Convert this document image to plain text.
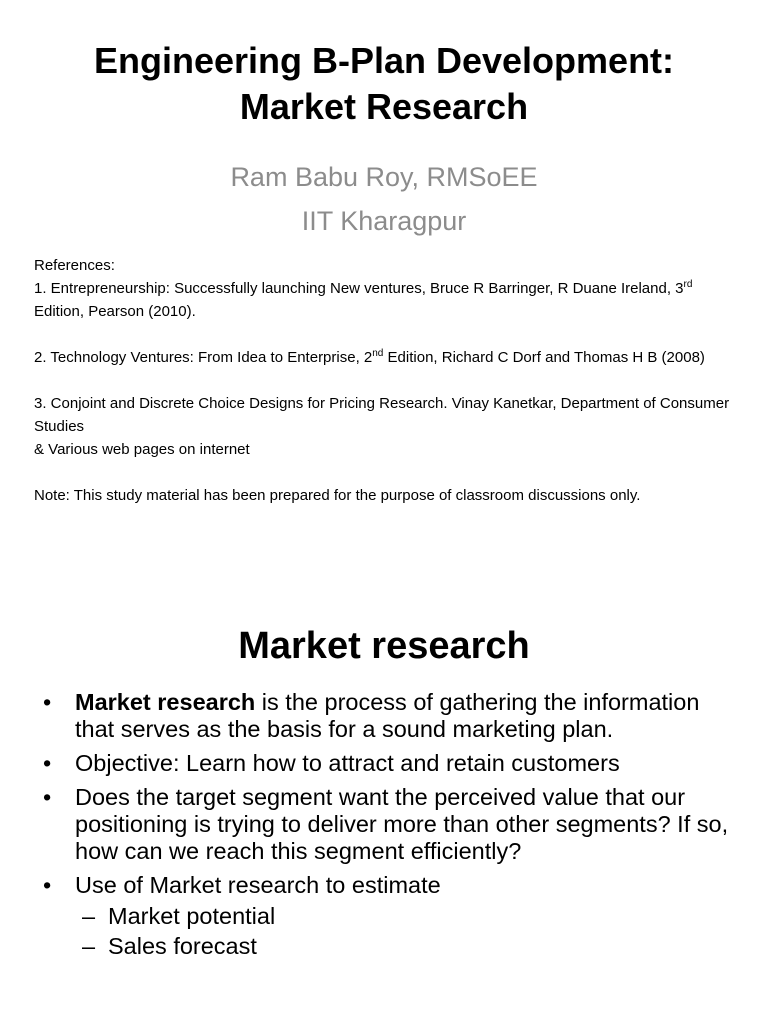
Engineering B-Plan Development:
Market Research
Ram Babu Roy, RMSoEE
IIT Kharagpur

References:

1. Entrepreneurship: Successfully launching New ventures, Bruce R Barringer, R Duane Ireland, 3rd Edition, Pearson (2010).

2. Technology Ventures: From Idea to Enterprise, 2nd Edition, Richard C Dorf and Thomas H B (2008)

3. Conjoint and Discrete Choice Designs for Pricing Research. Vinay Kanetkar, Department of Consumer Studies

& Various web pages on internet

Note: This study material has been prepared for the purpose of classroom discussions only.

Market research
• Market research is the process of gathering the information that serves as the basis for a sound marketing plan.
• Objective: Learn how to attract and retain customers
• Does the target segment want the perceived value that our positioning is trying to deliver more than other segments? If so, how can we reach this segment efficiently?
• Use of Market research to estimate
– Market potential
– Sales forecast
